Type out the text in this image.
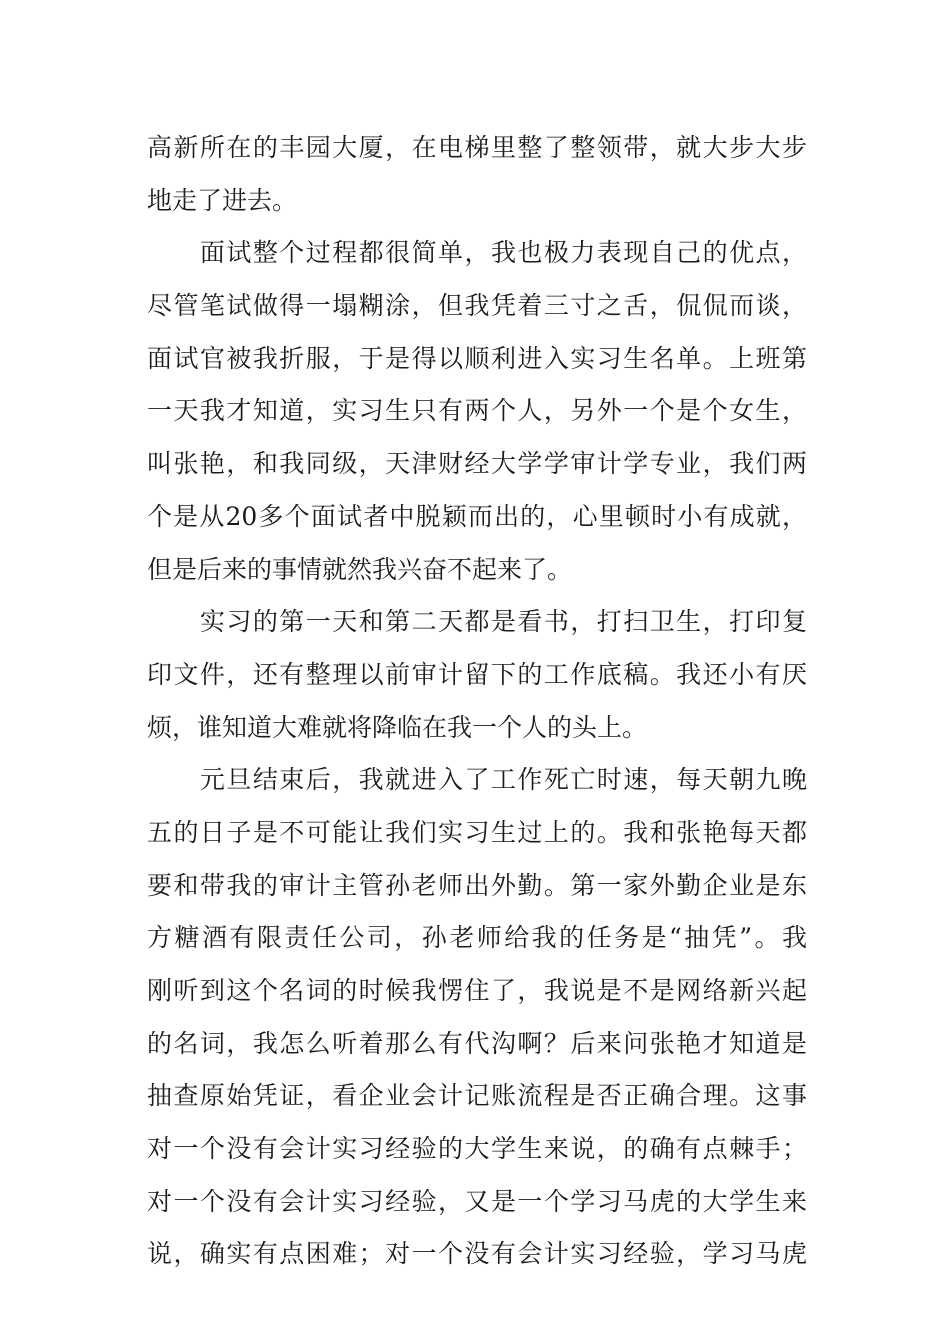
高新所在的丰园大厦，在电梯里整了整领带，就大步大步
地走了进去。
　　面试整个过程都很简单，我也极力表现自己的优点，
尽管笔试做得一塌糊涂，但我凭着三寸之舌，侃侃而谈，
面试官被我折服，于是得以顺利进入实习生名单。上班第
一天我才知道，实习生只有两个人，另外一个是个女生，
叫张艳，和我同级，天津财经大学学审计学专业，我们两
个是从20多个面试者中脱颖而出的，心里顿时小有成就，
但是后来的事情就然我兴奋不起来了。
　　实习的第一天和第二天都是看书，打扫卫生，打印复
印文件，还有整理以前审计留下的工作底稿。我还小有厌
烦，谁知道大难就将降临在我一个人的头上。
　　元旦结束后，我就进入了工作死亡时速，每天朝九晚
五的日子是不可能让我们实习生过上的。我和张艳每天都
要和带我的审计主管孙老师出外勤。第一家外勤企业是东
方糖酒有限责任公司，孙老师给我的任务是“抽凭”。我
刚听到这个名词的时候我愣住了，我说是不是网络新兴起
的名词，我怎么听着那么有代沟啊？后来问张艳才知道是
抽查原始凭证，看企业会计记账流程是否正确合理。这事
对一个没有会计实习经验的大学生来说，的确有点棘手；
对一个没有会计实习经验，又是一个学习马虎的大学生来
说，确实有点困难；对一个没有会计实习经验，学习马虎
